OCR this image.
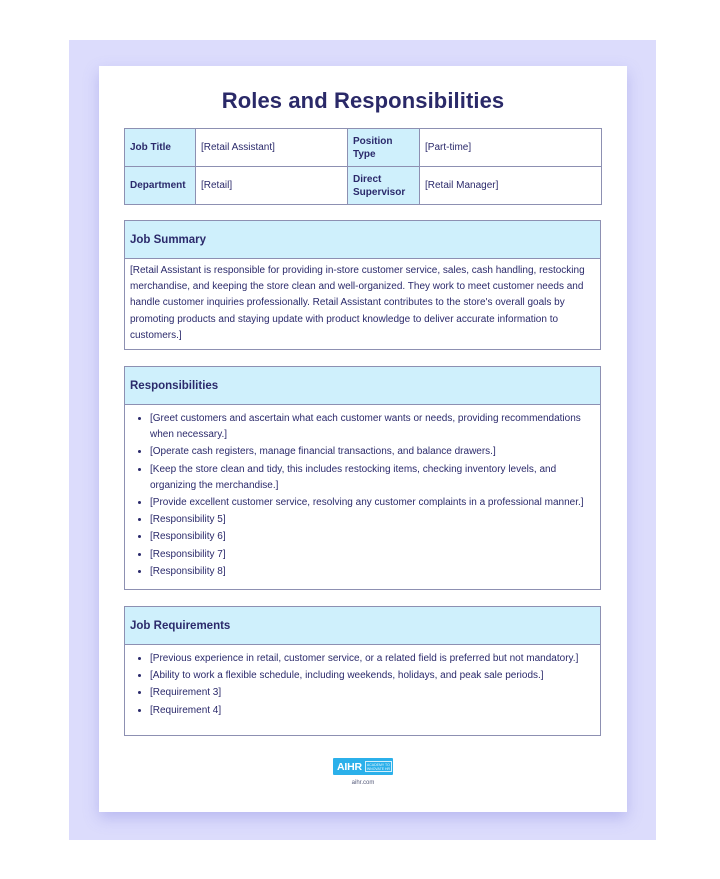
Roles and Responsibilities
Job Title	[Retail Assistant]	Position Type	[Part-time]
Department	[Retail]	Direct Supervisor	[Retail Manager]
Job Summary
[Retail Assistant is responsible for providing in-store customer service, sales, cash handling, restocking merchandise, and keeping the store clean and well-organized. They work to meet customer needs and handle customer inquiries professionally. Retail Assistant contributes to the store's overall goals by promoting products and staying update with product knowledge to deliver accurate information to customers.]
Responsibilities
• [Greet customers and ascertain what each customer wants or needs, providing recommendations when necessary.]
• [Operate cash registers, manage financial transactions, and balance drawers.]
• [Keep the store clean and tidy, this includes restocking items, checking inventory levels, and organizing the merchandise.]
• [Provide excellent customer service, resolving any customer complaints in a professional manner.]
• [Responsibility 5]
• [Responsibility 6]
• [Responsibility 7]
• [Responsibility 8]
Job Requirements
• [Previous experience in retail, customer service, or a related field is preferred but not mandatory.]
• [Ability to work a flexible schedule, including weekends, holidays, and peak sale periods.]
• [Requirement 3]
• [Requirement 4]
AIHR	ACADEMY TO INNOVATE HR
aihr.com
